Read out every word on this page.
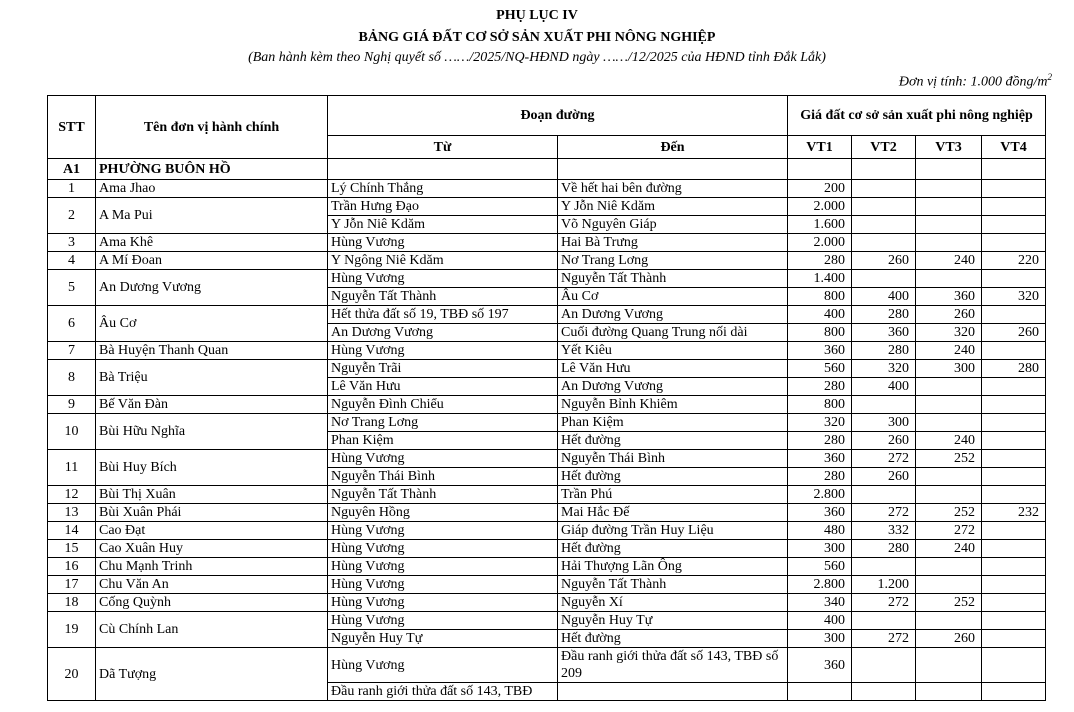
PHỤ LỤC IV
BẢNG GIÁ ĐẤT CƠ SỞ SẢN XUẤT PHI NÔNG NGHIỆP
(Ban hành kèm theo Nghị quyết số ……/2025/NQ-HĐND ngày ……/12/2025 của HĐND tỉnh Đắk Lắk)
Đơn vị tính: 1.000 đồng/$m^2$
STT	Tên đơn vị hành chính	Đoạn đường		Giá đất cơ sở sản xuất phi nông nghiệp			
		Từ	Đến	VT1	VT2	VT3	VT4
A1	PHƯỜNG BUÔN HỒ						
1	Ama Jhao	Lý Chính Thắng	Về hết hai bên đường	200			
2	A Ma Pui	Trần Hưng Đạo	Y Jỗn Niê Kdăm	2.000			
		Y Jỗn Niê Kdăm	Võ Nguyên Giáp	1.600			
3	Ama Khê	Hùng Vương	Hai Bà Trưng	2.000			
4	A Mí Đoan	Y Ngông Niê Kdăm	Nơ Trang Lơng	280	260	240	220
5	An Dương Vương	Hùng Vương	Nguyễn Tất Thành	1.400			
		Nguyễn Tất Thành	Âu Cơ	800	400	360	320
6	Âu Cơ	Hết thửa đất số 19, TBĐ số 197	An Dương Vương	400	280	260	
		An Dương Vương	Cuối đường Quang Trung nối dài	800	360	320	260
7	Bà Huyện Thanh Quan	Hùng Vương	Yết Kiêu	360	280	240	
8	Bà Triệu	Nguyễn Trãi	Lê Văn Hưu	560	320	300	280
		Lê Văn Hưu	An Dương Vương	280	400		
9	Bế Văn Đàn	Nguyễn Đình Chiểu	Nguyễn Bỉnh Khiêm	800			
10	Bùi Hữu Nghĩa	Nơ Trang Lơng	Phan Kiệm	320	300		
		Phan Kiệm	Hết đường	280	260	240	
11	Bùi Huy Bích	Hùng Vương	Nguyễn Thái Bình	360	272	252	
		Nguyễn Thái Bình	Hết đường	280	260		
12	Bùi Thị Xuân	Nguyễn Tất Thành	Trần Phú	2.800			
13	Bùi Xuân Phái	Nguyên Hồng	Mai Hắc Đế	360	272	252	232
14	Cao Đạt	Hùng Vương	Giáp đường Trần Huy Liệu	480	332	272	
15	Cao Xuân Huy	Hùng Vương	Hết đường	300	280	240	
16	Chu Mạnh Trinh	Hùng Vương	Hải Thượng Lãn Ông	560			
17	Chu Văn An	Hùng Vương	Nguyễn Tất Thành	2.800	1.200		
18	Cống Quỳnh	Hùng Vương	Nguyễn Xí	340	272	252	
19	Cù Chính Lan	Hùng Vương	Nguyễn Huy Tự	400			
		Nguyễn Huy Tự	Hết đường	300	272	260	
20	Dã Tượng	Hùng Vương	Đầu ranh giới thửa đất số 143, TBĐ số 209	360			
		Đầu ranh giới thửa đất số 143, TBĐ					
